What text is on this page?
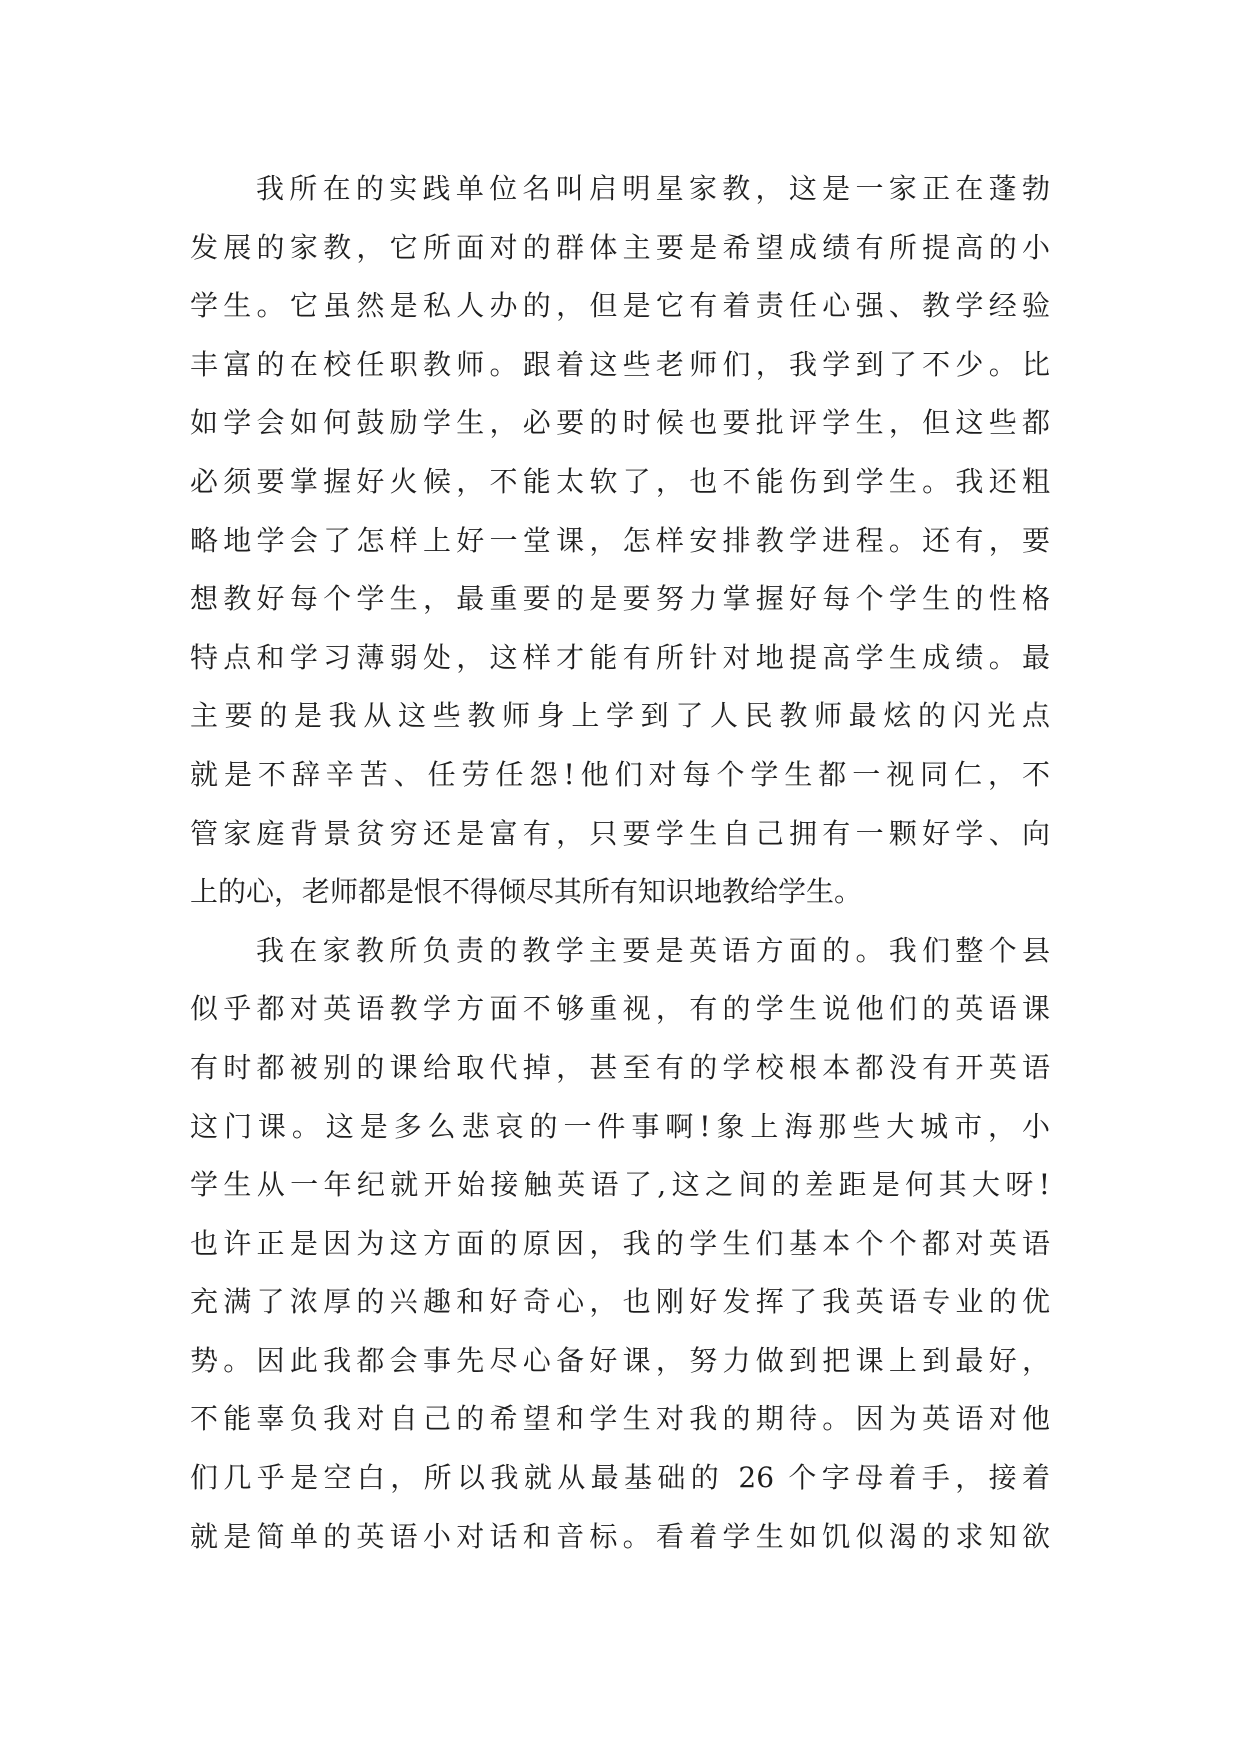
我所在的实践单位名叫启明星家教，这是一家正在蓬勃
发展的家教，它所面对的群体主要是希望成绩有所提高的小
学生。它虽然是私人办的，但是它有着责任心强、教学经验
丰富的在校任职教师。跟着这些老师们，我学到了不少。比
如学会如何鼓励学生，必要的时候也要批评学生，但这些都
必须要掌握好火候，不能太软了，也不能伤到学生。我还粗
略地学会了怎样上好一堂课，怎样安排教学进程。还有，要
想教好每个学生，最重要的是要努力掌握好每个学生的性格
特点和学习薄弱处，这样才能有所针对地提高学生成绩。最
主要的是我从这些教师身上学到了人民教师最炫的闪光点
就是不辞辛苦、任劳任怨!他们对每个学生都一视同仁，不
管家庭背景贫穷还是富有，只要学生自己拥有一颗好学、向
上的心，老师都是恨不得倾尽其所有知识地教给学生。
我在家教所负责的教学主要是英语方面的。我们整个县
似乎都对英语教学方面不够重视，有的学生说他们的英语课
有时都被别的课给取代掉，甚至有的学校根本都没有开英语
这门课。这是多么悲哀的一件事啊!象上海那些大城市，小
学生从一年纪就开始接触英语了,这之间的差距是何其大呀!
也许正是因为这方面的原因，我的学生们基本个个都对英语
充满了浓厚的兴趣和好奇心，也刚好发挥了我英语专业的优
势。因此我都会事先尽心备好课，努力做到把课上到最好，
不能辜负我对自己的希望和学生对我的期待。因为英语对他
们几乎是空白，所以我就从最基础的 26 个字母着手，接着
就是简单的英语小对话和音标。看着学生如饥似渴的求知欲
